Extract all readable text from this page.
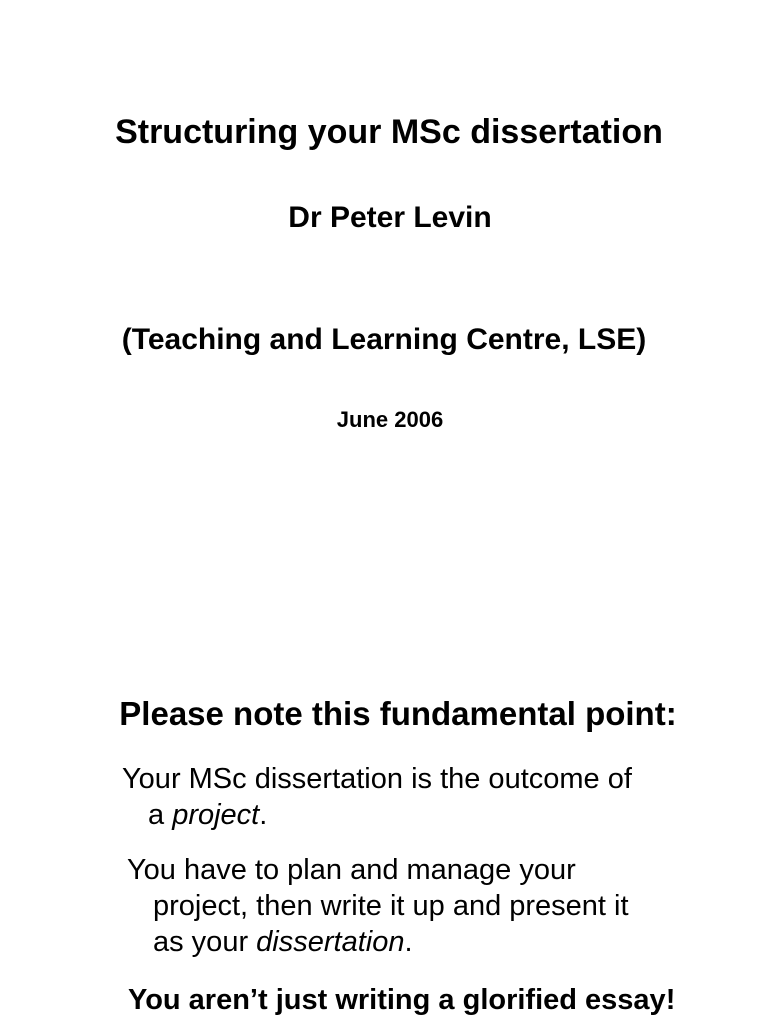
Structuring your MSc dissertation
Dr Peter Levin
(Teaching and Learning Centre, LSE)
June 2006
Please note this fundamental point:

Your MSc dissertation is the outcome of
a project.

You have to plan and manage your
project, then write it up and present it
as your dissertation.

You aren’t just writing a glorified essay!
